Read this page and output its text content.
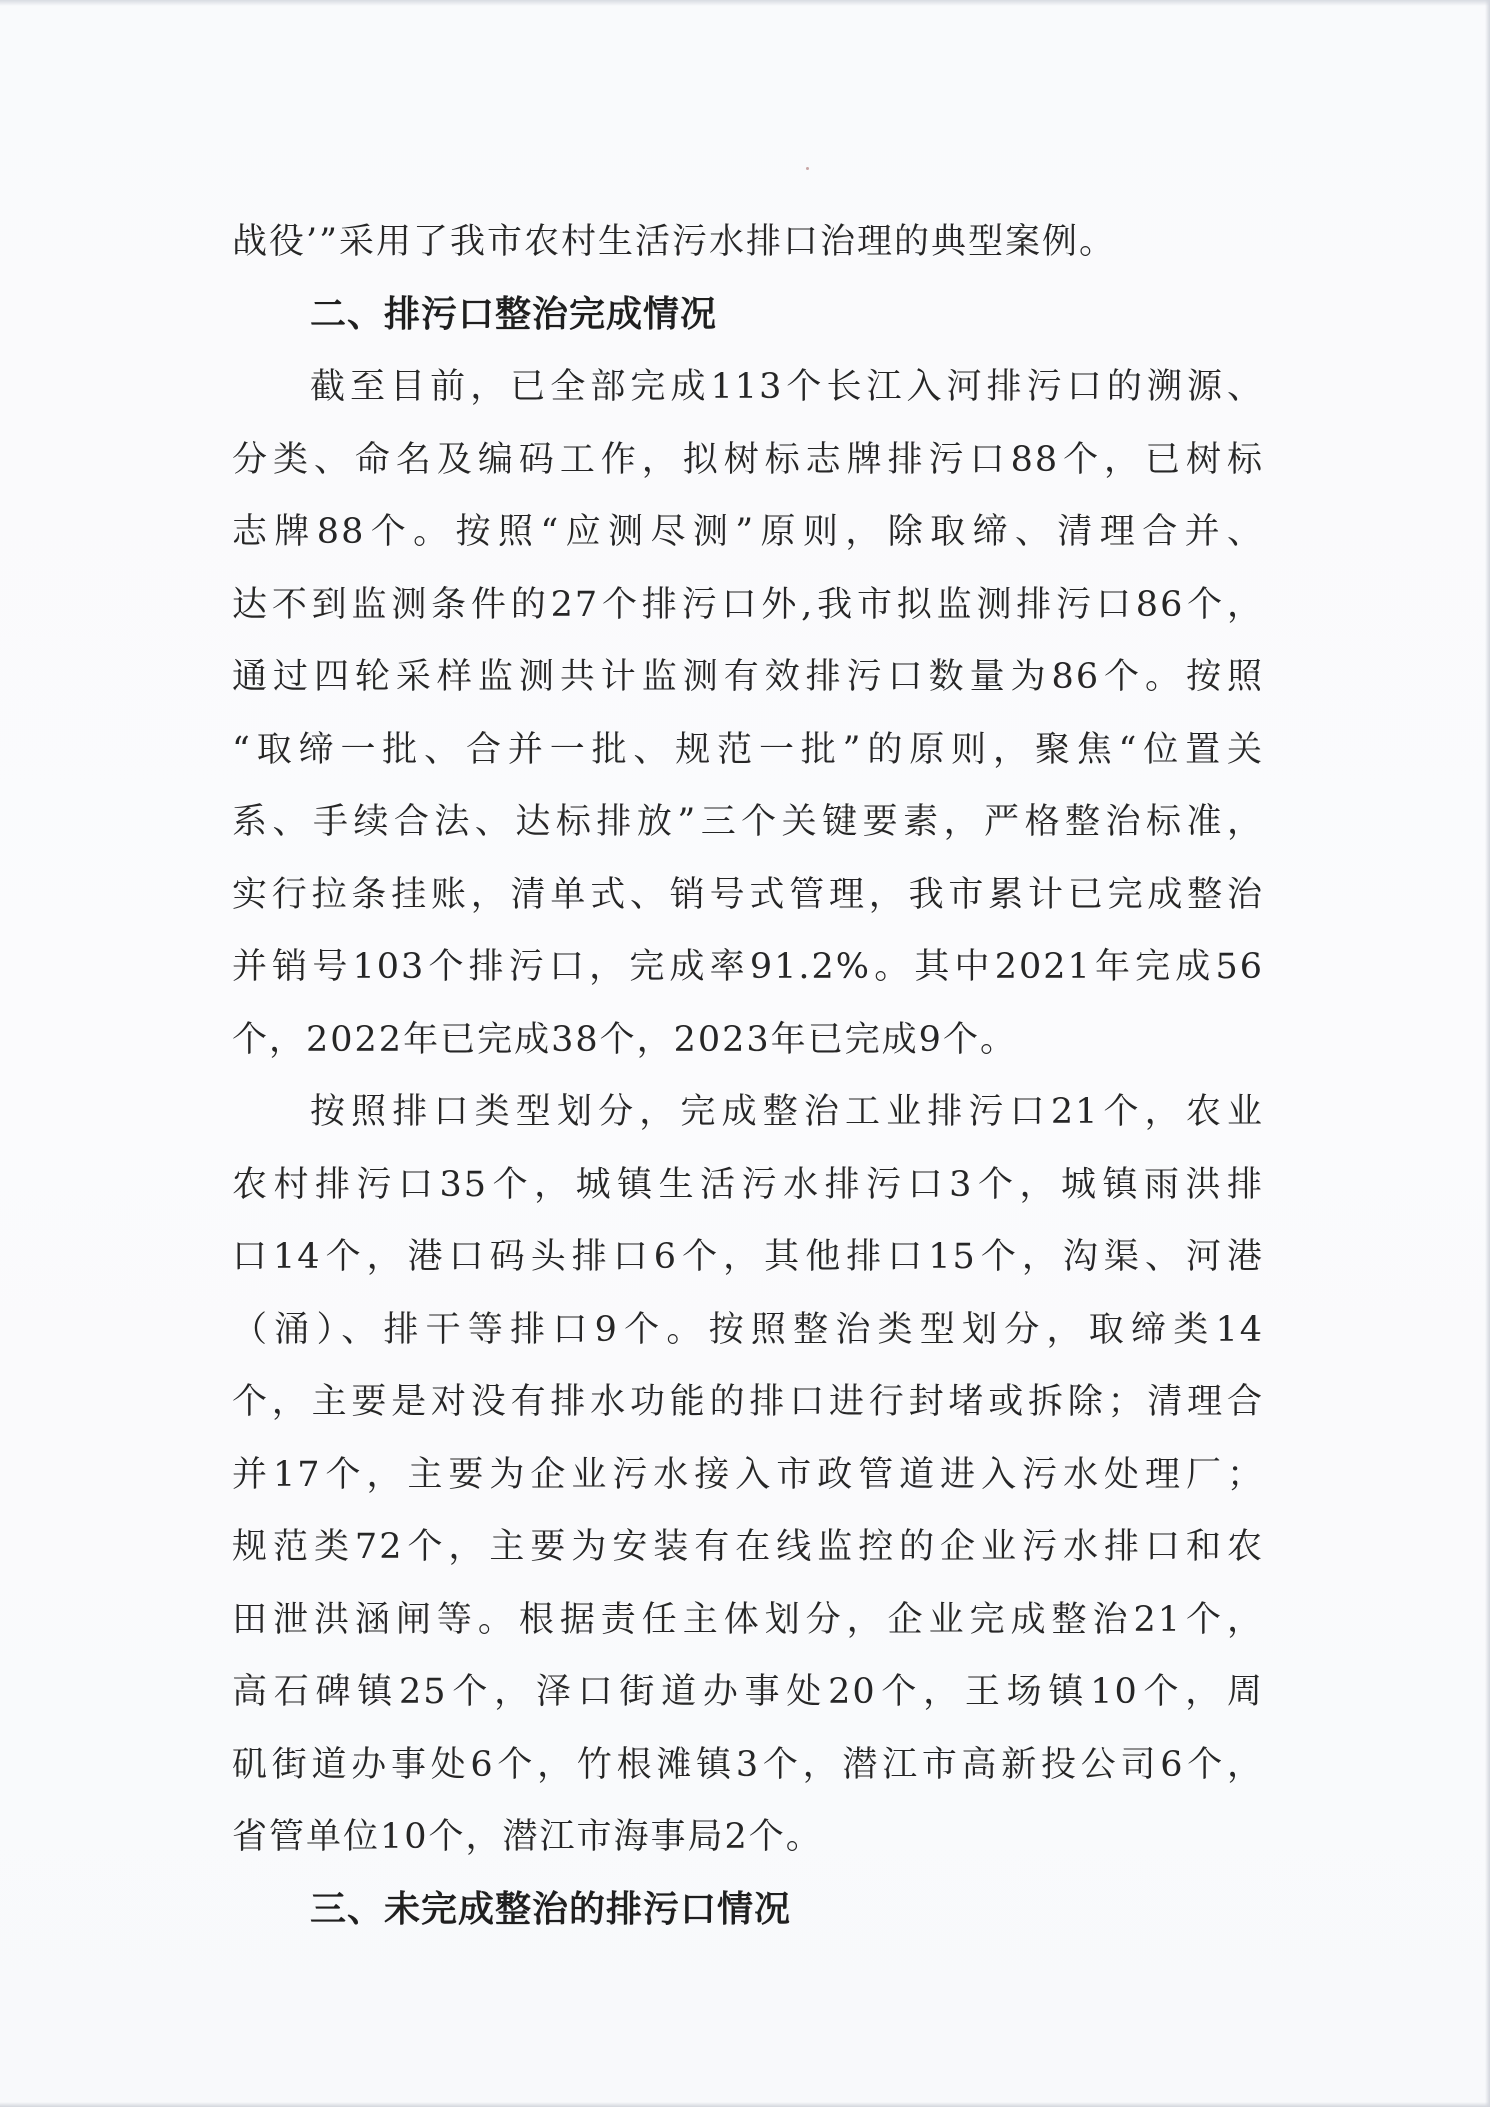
战役’”采用了我市农村生活污水排口治理的典型案例。
二、排污口整治完成情况
截至目前，已全部完成113个长江入河排污口的溯源、
分类、命名及编码工作，拟树标志牌排污口88个，已树标
志牌88个。按照“应测尽测”原则，除取缔、清理合并、
达不到监测条件的27个排污口外,我市拟监测排污口86个，
通过四轮采样监测共计监测有效排污口数量为86个。按照
“取缔一批、合并一批、规范一批”的原则，聚焦“位置关
系、手续合法、达标排放”三个关键要素，严格整治标准，
实行拉条挂账，清单式、销号式管理，我市累计已完成整治
并销号103个排污口，完成率91.2%。其中2021年完成56
个，2022年已完成38个，2023年已完成9个。
按照排口类型划分，完成整治工业排污口21个，农业
农村排污口35个，城镇生活污水排污口3个，城镇雨洪排
口14个，港口码头排口6个，其他排口15个，沟渠、河港
（涌）、排干等排口9个。按照整治类型划分，取缔类14
个，主要是对没有排水功能的排口进行封堵或拆除；清理合
并17个，主要为企业污水接入市政管道进入污水处理厂；
规范类72个，主要为安装有在线监控的企业污水排口和农
田泄洪涵闸等。根据责任主体划分，企业完成整治21个，
高石碑镇25个，泽口街道办事处20个，王场镇10个，周
矶街道办事处6个，竹根滩镇3个，潜江市高新投公司6个，
省管单位10个，潜江市海事局2个。
三、未完成整治的排污口情况
